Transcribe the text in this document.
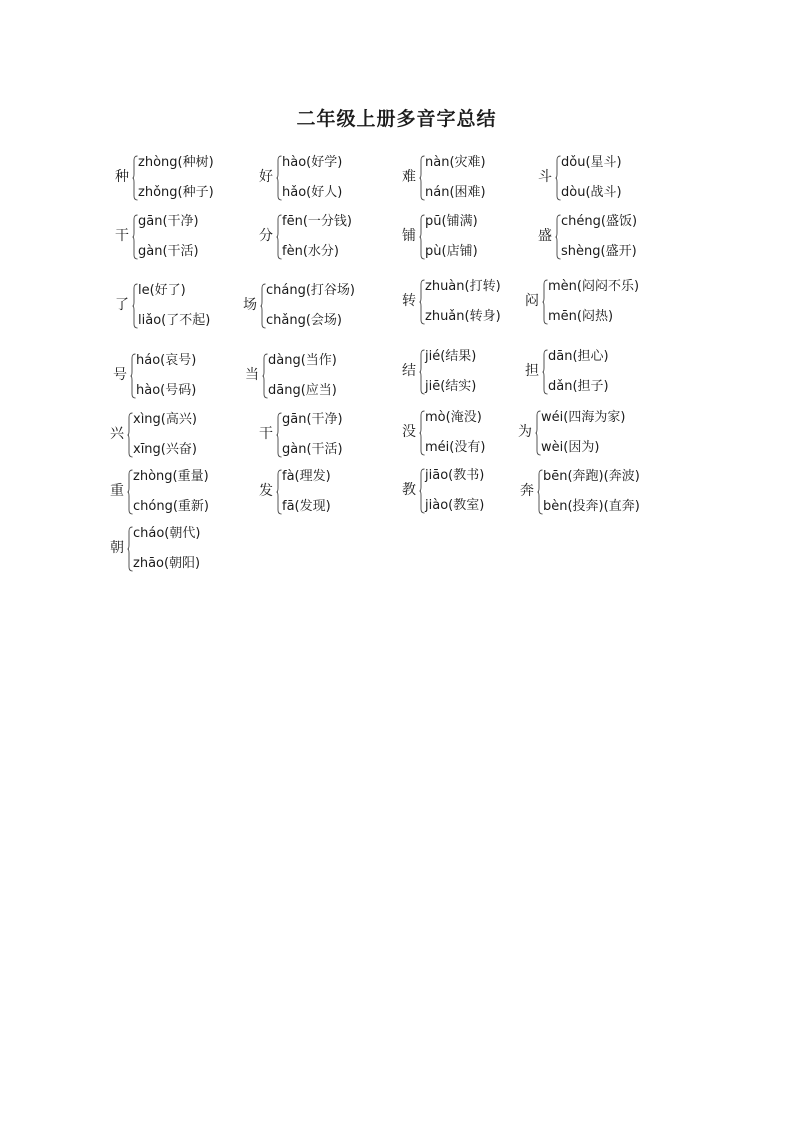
二年级上册多音字总结
种
zhòng(种树)
zhǒng(种子)
好
hào(好学)
hǎo(好人)
难
nàn(灾难)
nán(困难)
斗
dǒu(星斗)
dòu(战斗)
干
gān(干净)
gàn(干活)
分
fēn(一分钱)
fèn(水分)
铺
pū(铺满)
pù(店铺)
盛
chéng(盛饭)
shèng(盛开)
了
le(好了)
liǎo(了不起)
场
cháng(打谷场)
chǎng(会场)
转
zhuàn(打转)
zhuǎn(转身)
闷
mèn(闷闷不乐)
mēn(闷热)
号
háo(哀号)
hào(号码)
当
dàng(当作)
dāng(应当)
结
jié(结果)
jiē(结实)
担
dān(担心)
dǎn(担子)
兴
xìng(高兴)
xīng(兴奋)
干
gān(干净)
gàn(干活)
没
mò(淹没)
méi(没有)
为
wéi(四海为家)
wèi(因为)
重
zhòng(重量)
chóng(重新)
发
fà(理发)
fā(发现)
教
jiāo(教书)
jiào(教室)
奔
bēn(奔跑)(奔波)
bèn(投奔)(直奔)
朝
cháo(朝代)
zhāo(朝阳)
